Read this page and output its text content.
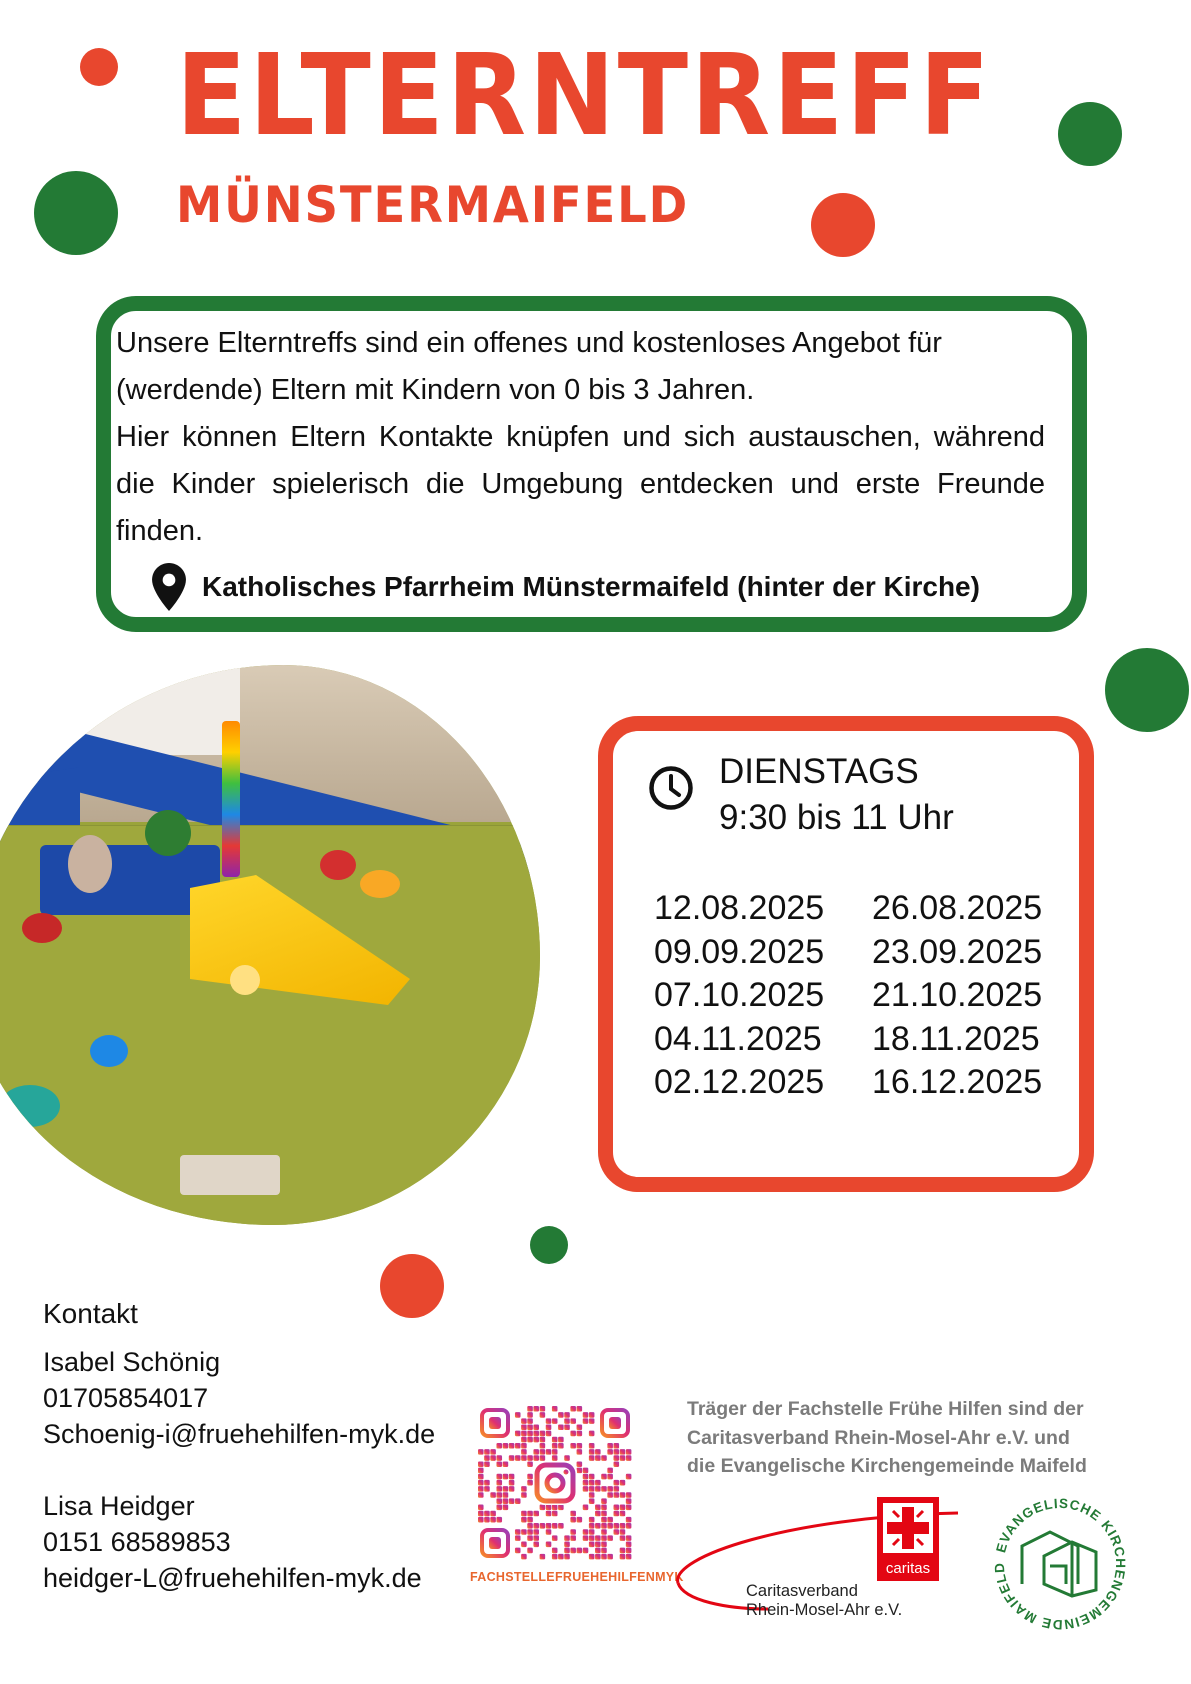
ELTERNTREFF
MÜNSTERMAIFELD

Unsere Elterntreffs sind ein offenes und kostenloses Angebot für (werdende) Eltern mit Kindern von 0 bis 3 Jahren.

Hier können Eltern Kontakte knüpfen und sich austauschen, während die Kinder spielerisch die Umgebung entdecken und erste Freunde finden.

Katholisches Pfarrheim Münstermaifeld (hinter der Kirche)
DIENSTAGS
9:30 bis 11 Uhr
12.08.2025	26.08.2025
09.09.2025	23.09.2025
07.10.2025	21.10.2025
04.11.2025	18.11.2025
02.12.2025	16.12.2025
Kontakt
Isabel Schönig
01705854017
Schoenig-i@fruehehilfen-myk.de
Lisa Heidger
0151 68589853
heidger-L@fruehehilfen-myk.de	FACHSTELLEFRUEHEHILFENMYK
Träger der Fachstelle Frühe Hilfen sind der
Caritasverband Rhein-Mosel-Ahr e.V. und
die Evangelische Kirchengemeinde Maifeld
caritas
Caritasverband
Rhein-Mosel-Ahr e.V.
EVANGELISCHE KIRCHENGEMEINDE MAIFELD
